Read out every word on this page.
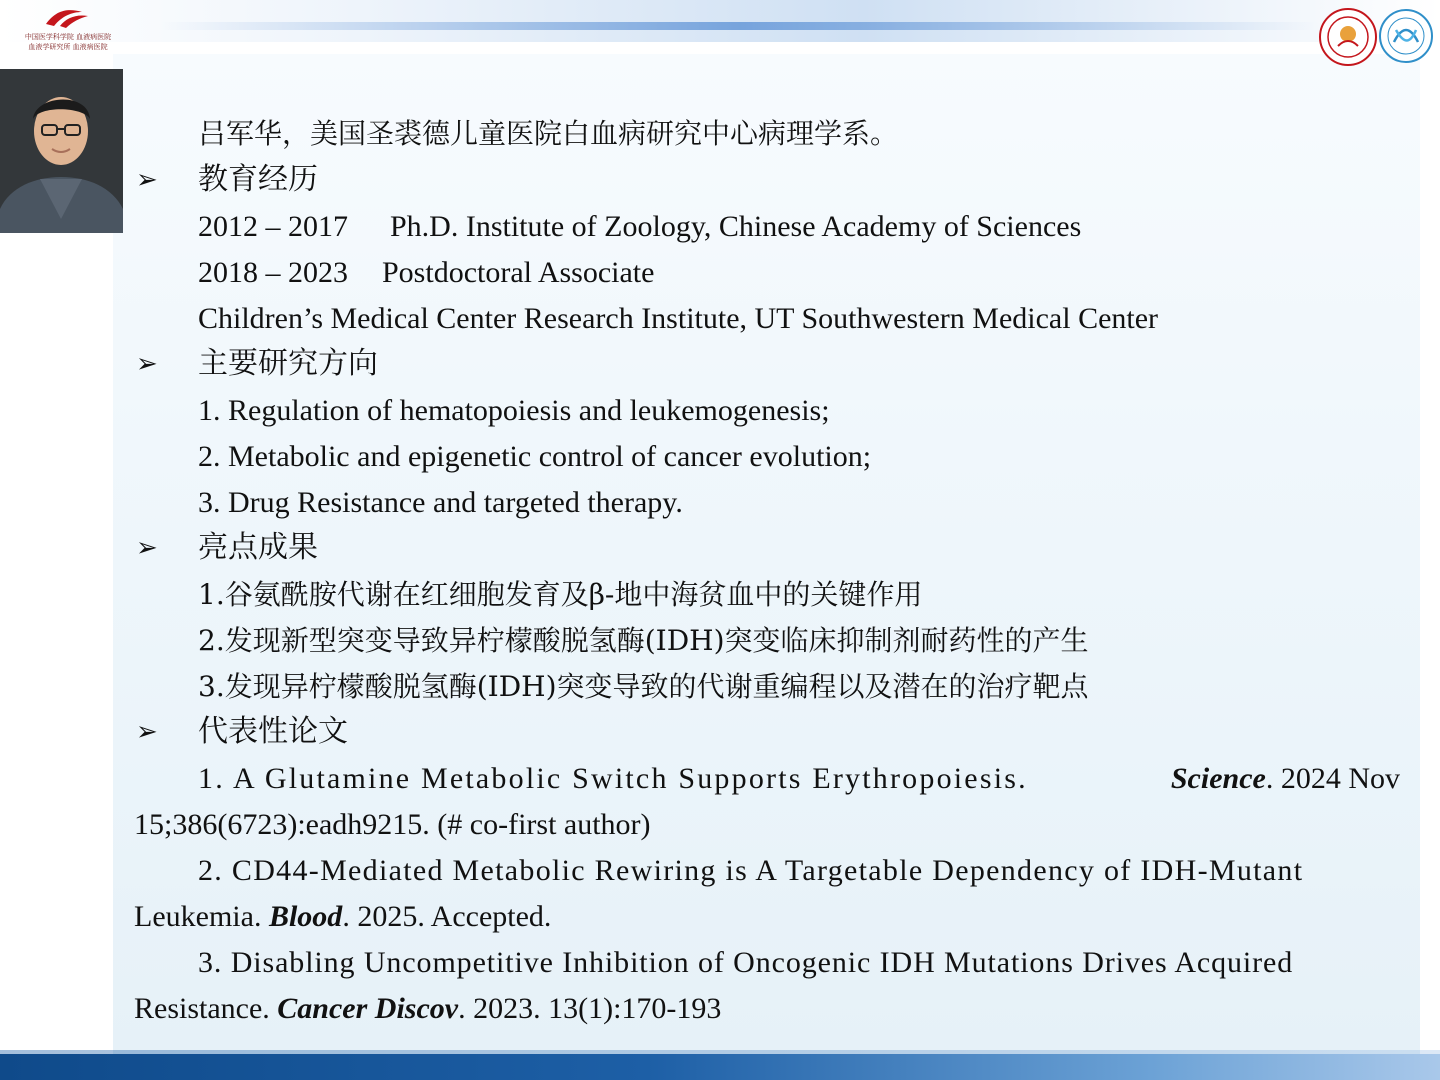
中国医学科学院 血液病医院
血液学研究所 血液病医院
吕军华，美国圣裘德儿童医院白血病研究中心病理学系。
➢ 教育经历
2012 – 2017 Ph.D. Institute of Zoology, Chinese Academy of Sciences
2018 – 2023 Postdoctoral Associate
Children’s Medical Center Research Institute, UT Southwestern Medical Center
➢ 主要研究方向
1. Regulation of hematopoiesis and leukemogenesis;
2. Metabolic and epigenetic control of cancer evolution;
3. Drug Resistance and targeted therapy.
➢ 亮点成果
1.谷氨酰胺代谢在红细胞发育及β-地中海贫血中的关键作用
2.发现新型突变导致异柠檬酸脱氢酶(IDH)突变临床抑制剂耐药性的产生
3.发现异柠檬酸脱氢酶(IDH)突变导致的代谢重编程以及潜在的治疗靶点
➢ 代表性论文
1. A Glutamine Metabolic Switch Supports Erythropoiesis.	Science. 2024 Nov
15;386(6723):eadh9215. (# co-first author)
2. CD44-Mediated Metabolic Rewiring is A Targetable Dependency of IDH-Mutant
Leukemia. Blood. 2025. Accepted.
3. Disabling Uncompetitive Inhibition of Oncogenic IDH Mutations Drives Acquired
Resistance. Cancer Discov. 2023. 13(1):170-193
